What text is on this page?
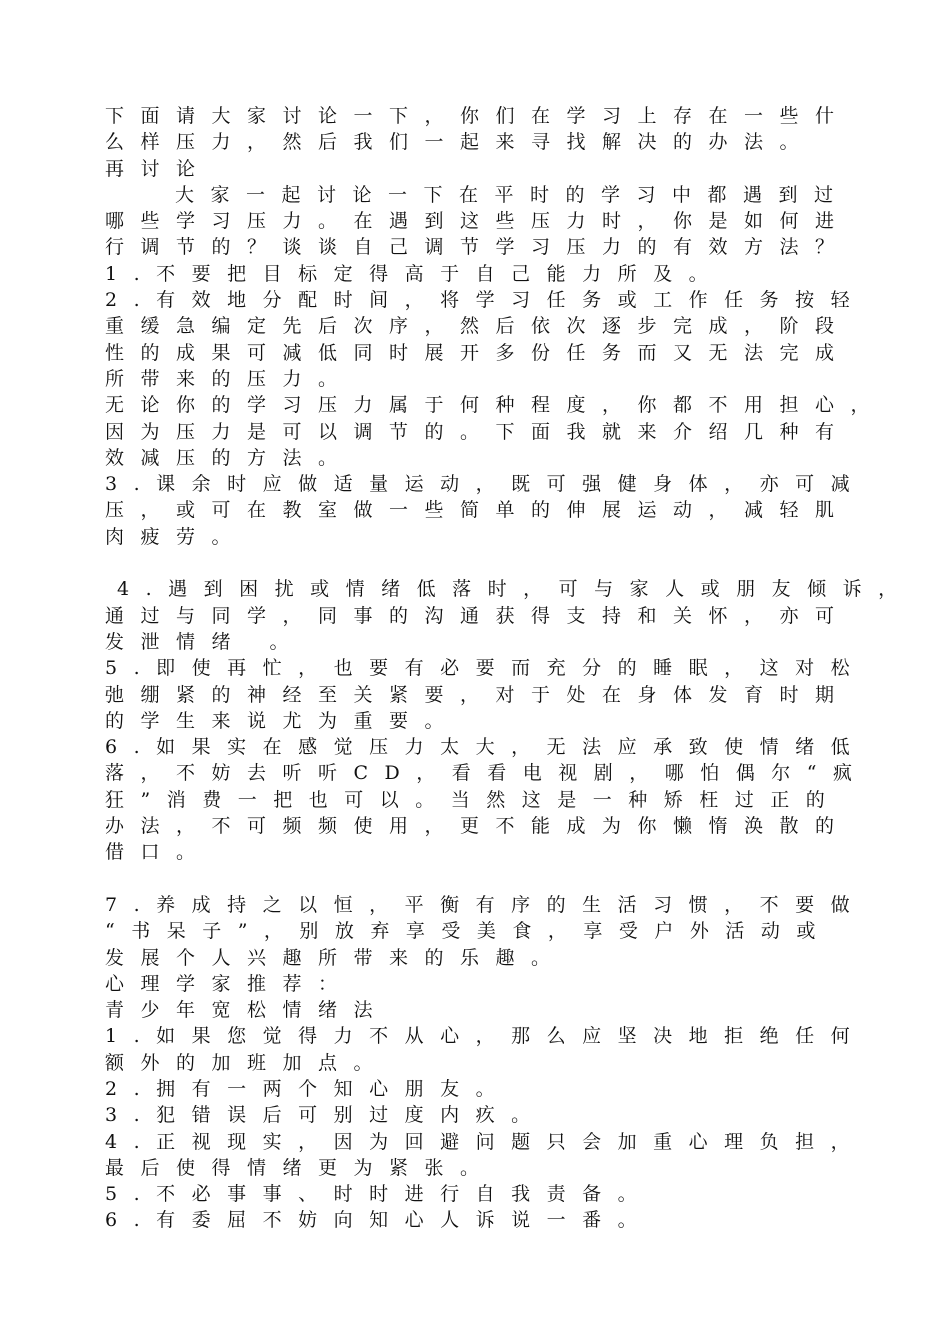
下面请大家讨论一下，你们在学习上存在一些什
么样压力，然后我们一起来寻找解决的办法。
再讨论
大家一起讨论一下在平时的学习中都遇到过
哪些学习压力。在遇到这些压力时，你是如何进
行调节的？谈谈自己调节学习压力的有效方法？
1.不要把目标定得高于自己能力所及。
2.有效地分配时间，将学习任务或工作任务按轻
重缓急编定先后次序，然后依次逐步完成，阶段
性的成果可减低同时展开多份任务而又无法完成
所带来的压力。
无论你的学习压力属于何种程度，你都不用担心，
因为压力是可以调节的。下面我就来介绍几种有
效减压的方法。
3.课余时应做适量运动，既可强健身体，亦可减
压，或可在教室做一些简单的伸展运动，减轻肌
肉疲劳。
4.遇到困扰或情绪低落时，可与家人或朋友倾诉，
通过与同学，同事的沟通获得支持和关怀，亦可
发泄情绪 。
5.即使再忙，也要有必要而充分的睡眠，这对松
弛绷紧的神经至关紧要，对于处在身体发育时期
的学生来说尤为重要。
6.如果实在感觉压力太大，无法应承致使情绪低
落，不妨去听听CD，看看电视剧，哪怕偶尔“疯
狂”消费一把也可以。当然这是一种矫枉过正的
办法，不可频频使用，更不能成为你懒惰涣散的
借口。
7.养成持之以恒，平衡有序的生活习惯，不要做
“书呆子”，别放弃享受美食，享受户外活动或
发展个人兴趣所带来的乐趣。
心理学家推荐：
青少年宽松情绪法
1.如果您觉得力不从心，那么应坚决地拒绝任何
额外的加班加点。
2.拥有一两个知心朋友。
3.犯错误后可别过度内疚。
4.正视现实，因为回避问题只会加重心理负担，
最后使得情绪更为紧张。
5.不必事事、时时进行自我责备。
6.有委屈不妨向知心人诉说一番。
